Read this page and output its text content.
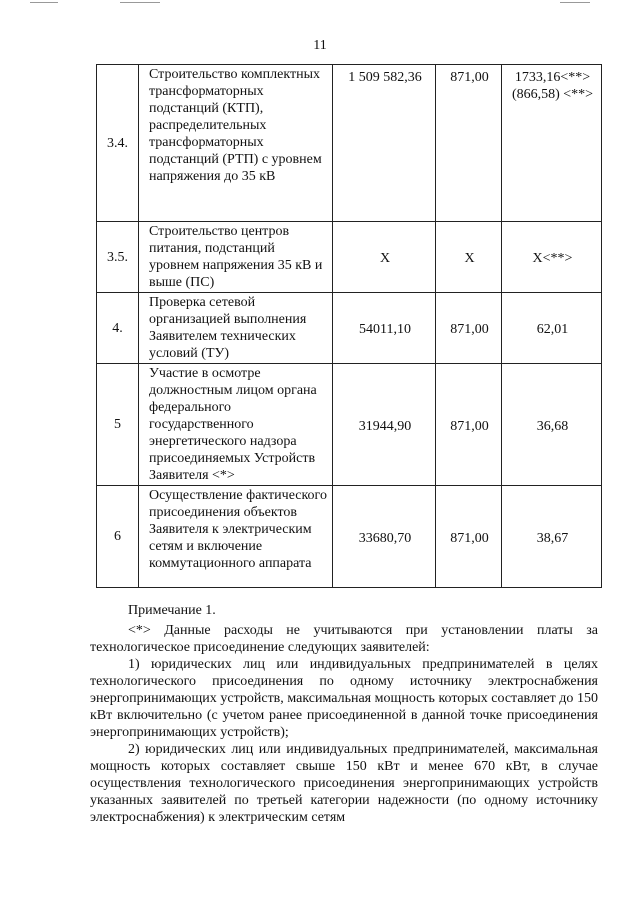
11
3.4.	Строительство комплектных трансформаторных подстанций (КТП), распределительных трансформаторных подстанций (РТП) с уровнем напряжения до 35 кВ	1 509 582,36	871,00	1733,16<**>
(866,58) <**>

3.5.	Строительство центров питания, подстанций уровнем напряжения 35 кВ и выше (ПС)	X	X	X<**>
4.	Проверка сетевой организацией выполнения Заявителем технических условий (ТУ)	54011,10	871,00	62,01
5	Участие в осмотре должностным лицом органа федерального государственного энергетического надзора присоединяемых Устройств Заявителя <*>	31944,90	871,00	36,68
6	Осуществление фактического присоединения объектов Заявителя к электрическим сетям и включение коммутационного аппарата	33680,70	871,00	38,67

Примечание 1.

<*> Данные расходы не учитываются при установлении платы за технологическое присоединение следующих заявителей:

1) юридических лиц или индивидуальных предпринимателей в целях технологического присоединения по одному источнику электроснабжения энергопринимающих устройств, максимальная мощность которых составляет до 150 кВт включительно (с учетом ранее присоединенной в данной точке присоединения энергопринимающих устройств);

2) юридических лиц или индивидуальных предпринимателей, максимальная мощность которых составляет свыше 150 кВт и менее 670 кВт, в случае осуществления технологического присоединения энергопринимающих устройств указанных заявителей по третьей категории надежности (по одному источнику электроснабжения) к электрическим сетям
